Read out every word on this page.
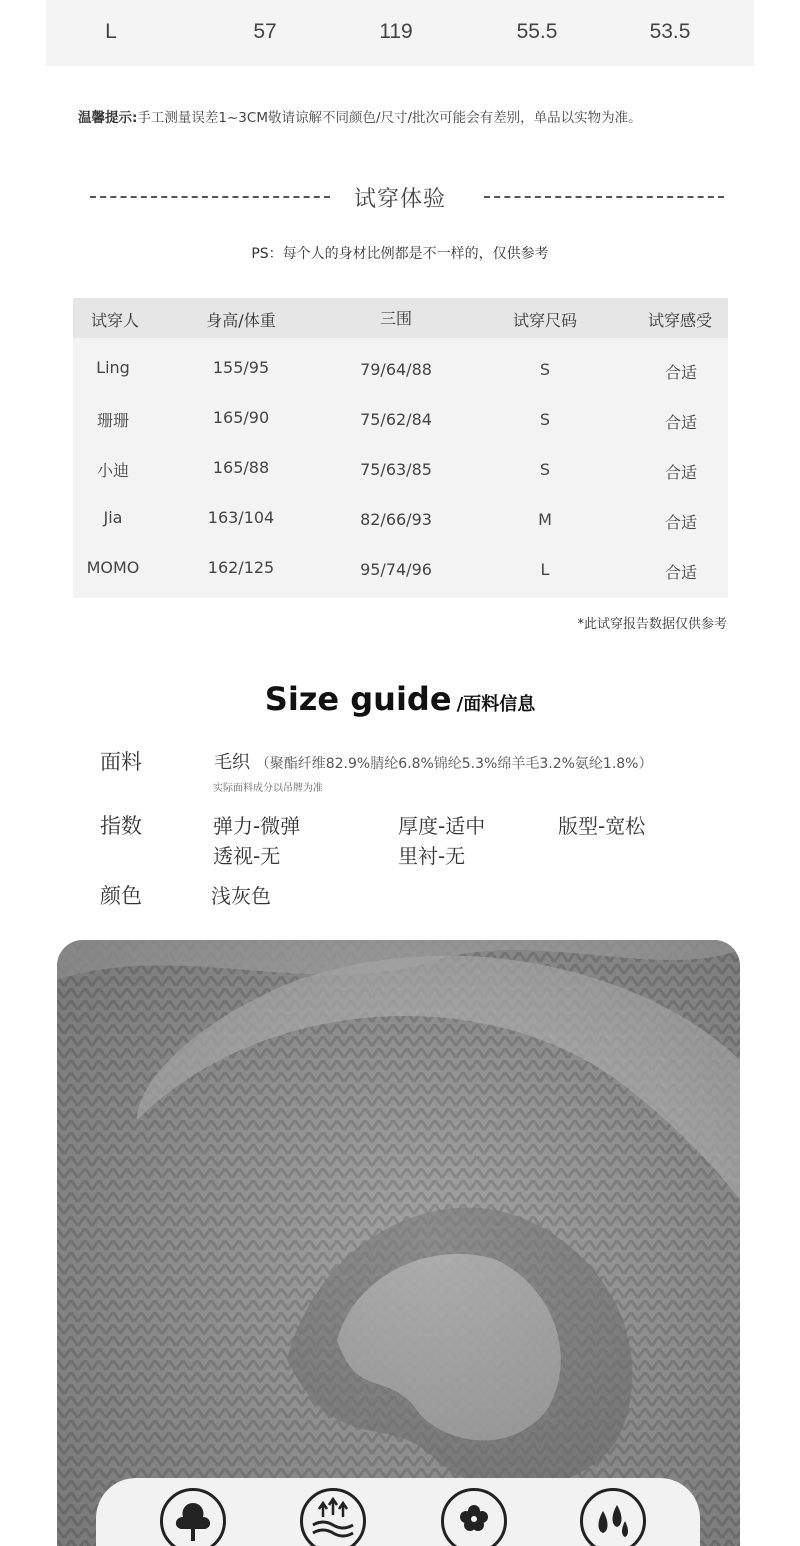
L	57	119	55.5	53.5
温馨提示:手工测量误差1~3CM敬请谅解不同颜色/尺寸/批次可能会有差别，单品以实物为准。
试穿体验
PS：每个人的身材比例都是不一样的，仅供参考
试穿人	身高/体重	三围	试穿尺码	试穿感受
Ling	155/95	79/64/88	S	合适
珊珊	165/90	75/62/84	S	合适
小迪	165/88	75/63/85	S	合适
Jia	163/104	82/66/93	M	合适
MOMO	162/125	95/74/96	L	合适
*此试穿报告数据仅供参考
Size guide /面料信息
面料	毛织 （聚酯纤维82.9%腈纶6.8%锦纶5.3%绵羊毛3.2%氨纶1.8%）
实际面料成分以吊牌为准
指数	弹力-微弹	厚度-适中	版型-宽松
透视-无	里衬-无
颜色	浅灰色
